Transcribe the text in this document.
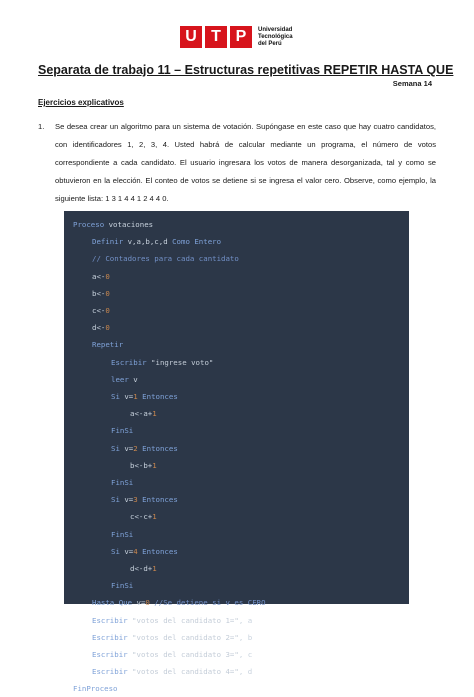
U T P	Universidad
Tecnológica
del Perú
Separata de trabajo 11 – Estructuras repetitivas REPETIR HASTA QUE
Semana 14
Ejercicios explicativos
1.	Se desea crear un algoritmo para un sistema de votación. Supóngase en este caso que hay cuatro candidatos, con identificadores 1, 2, 3, 4. Usted habrá de calcular mediante un programa, el número de votos correspondiente a cada candidato. El usuario ingresara los votos de manera desorganizada, tal y como se obtuvieron en la elección. El conteo de votos se detiene si se ingresa el valor cero. Observe, como ejemplo, la siguiente lista: 1 3 1 4 4 1 2 4 4 0.
Proceso votaciones
Definir v,a,b,c,d Como Entero
// Contadores para cada cantidato
a<-0
b<-0
c<-0
d<-0
Repetir
Escribir "ingrese voto"
leer v
Si v=1 Entonces
a<-a+1
FinSi
Si v=2 Entonces
b<-b+1
FinSi
Si v=3 Entonces
c<-c+1
FinSi
Si v=4 Entonces
d<-d+1
FinSi
Hasta Que v=0 //Se detiene si v es CERO
Escribir "votos del candidato 1=", a
Escribir "votos del candidato 2=", b
Escribir "votos del candidato 3=", c
Escribir "votos del candidato 4=", d
FinProceso
